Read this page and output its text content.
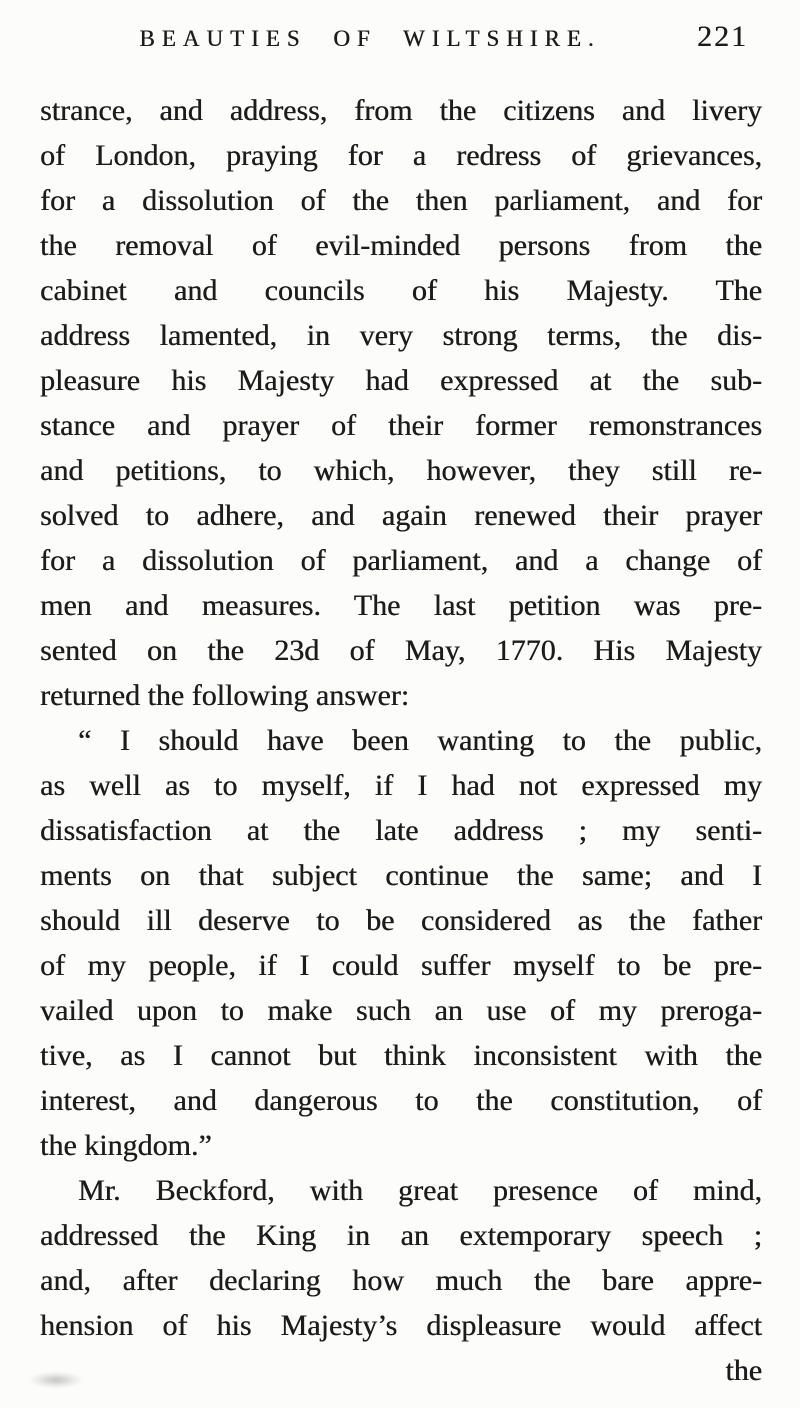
BEAUTIES OF WILTSHIRE.	221
strance, and address, from the citizens and livery
of London, praying for a redress of grievances,
for a dissolution of the then parliament, and for
the removal of evil-minded persons from the
cabinet and councils of his Majesty. The
address lamented, in very strong terms, the dis-
pleasure his Majesty had expressed at the sub-
stance and prayer of their former remonstrances
and petitions, to which, however, they still re-
solved to adhere, and again renewed their prayer
for a dissolution of parliament, and a change of
men and measures. The last petition was pre-
sented on the 23d of May, 1770. His Majesty
returned the following answer:
“ I should have been wanting to the public,
as well as to myself, if I had not expressed my
dissatisfaction at the late address ; my senti-
ments on that subject continue the same; and I
should ill deserve to be considered as the father
of my people, if I could suffer myself to be pre-
vailed upon to make such an use of my preroga-
tive, as I cannot but think inconsistent with the
interest, and dangerous to the constitution, of
the kingdom.”
Mr. Beckford, with great presence of mind,
addressed the King in an extemporary speech ;
and, after declaring how much the bare appre-
hension of his Majesty’s displeasure would affect
the
